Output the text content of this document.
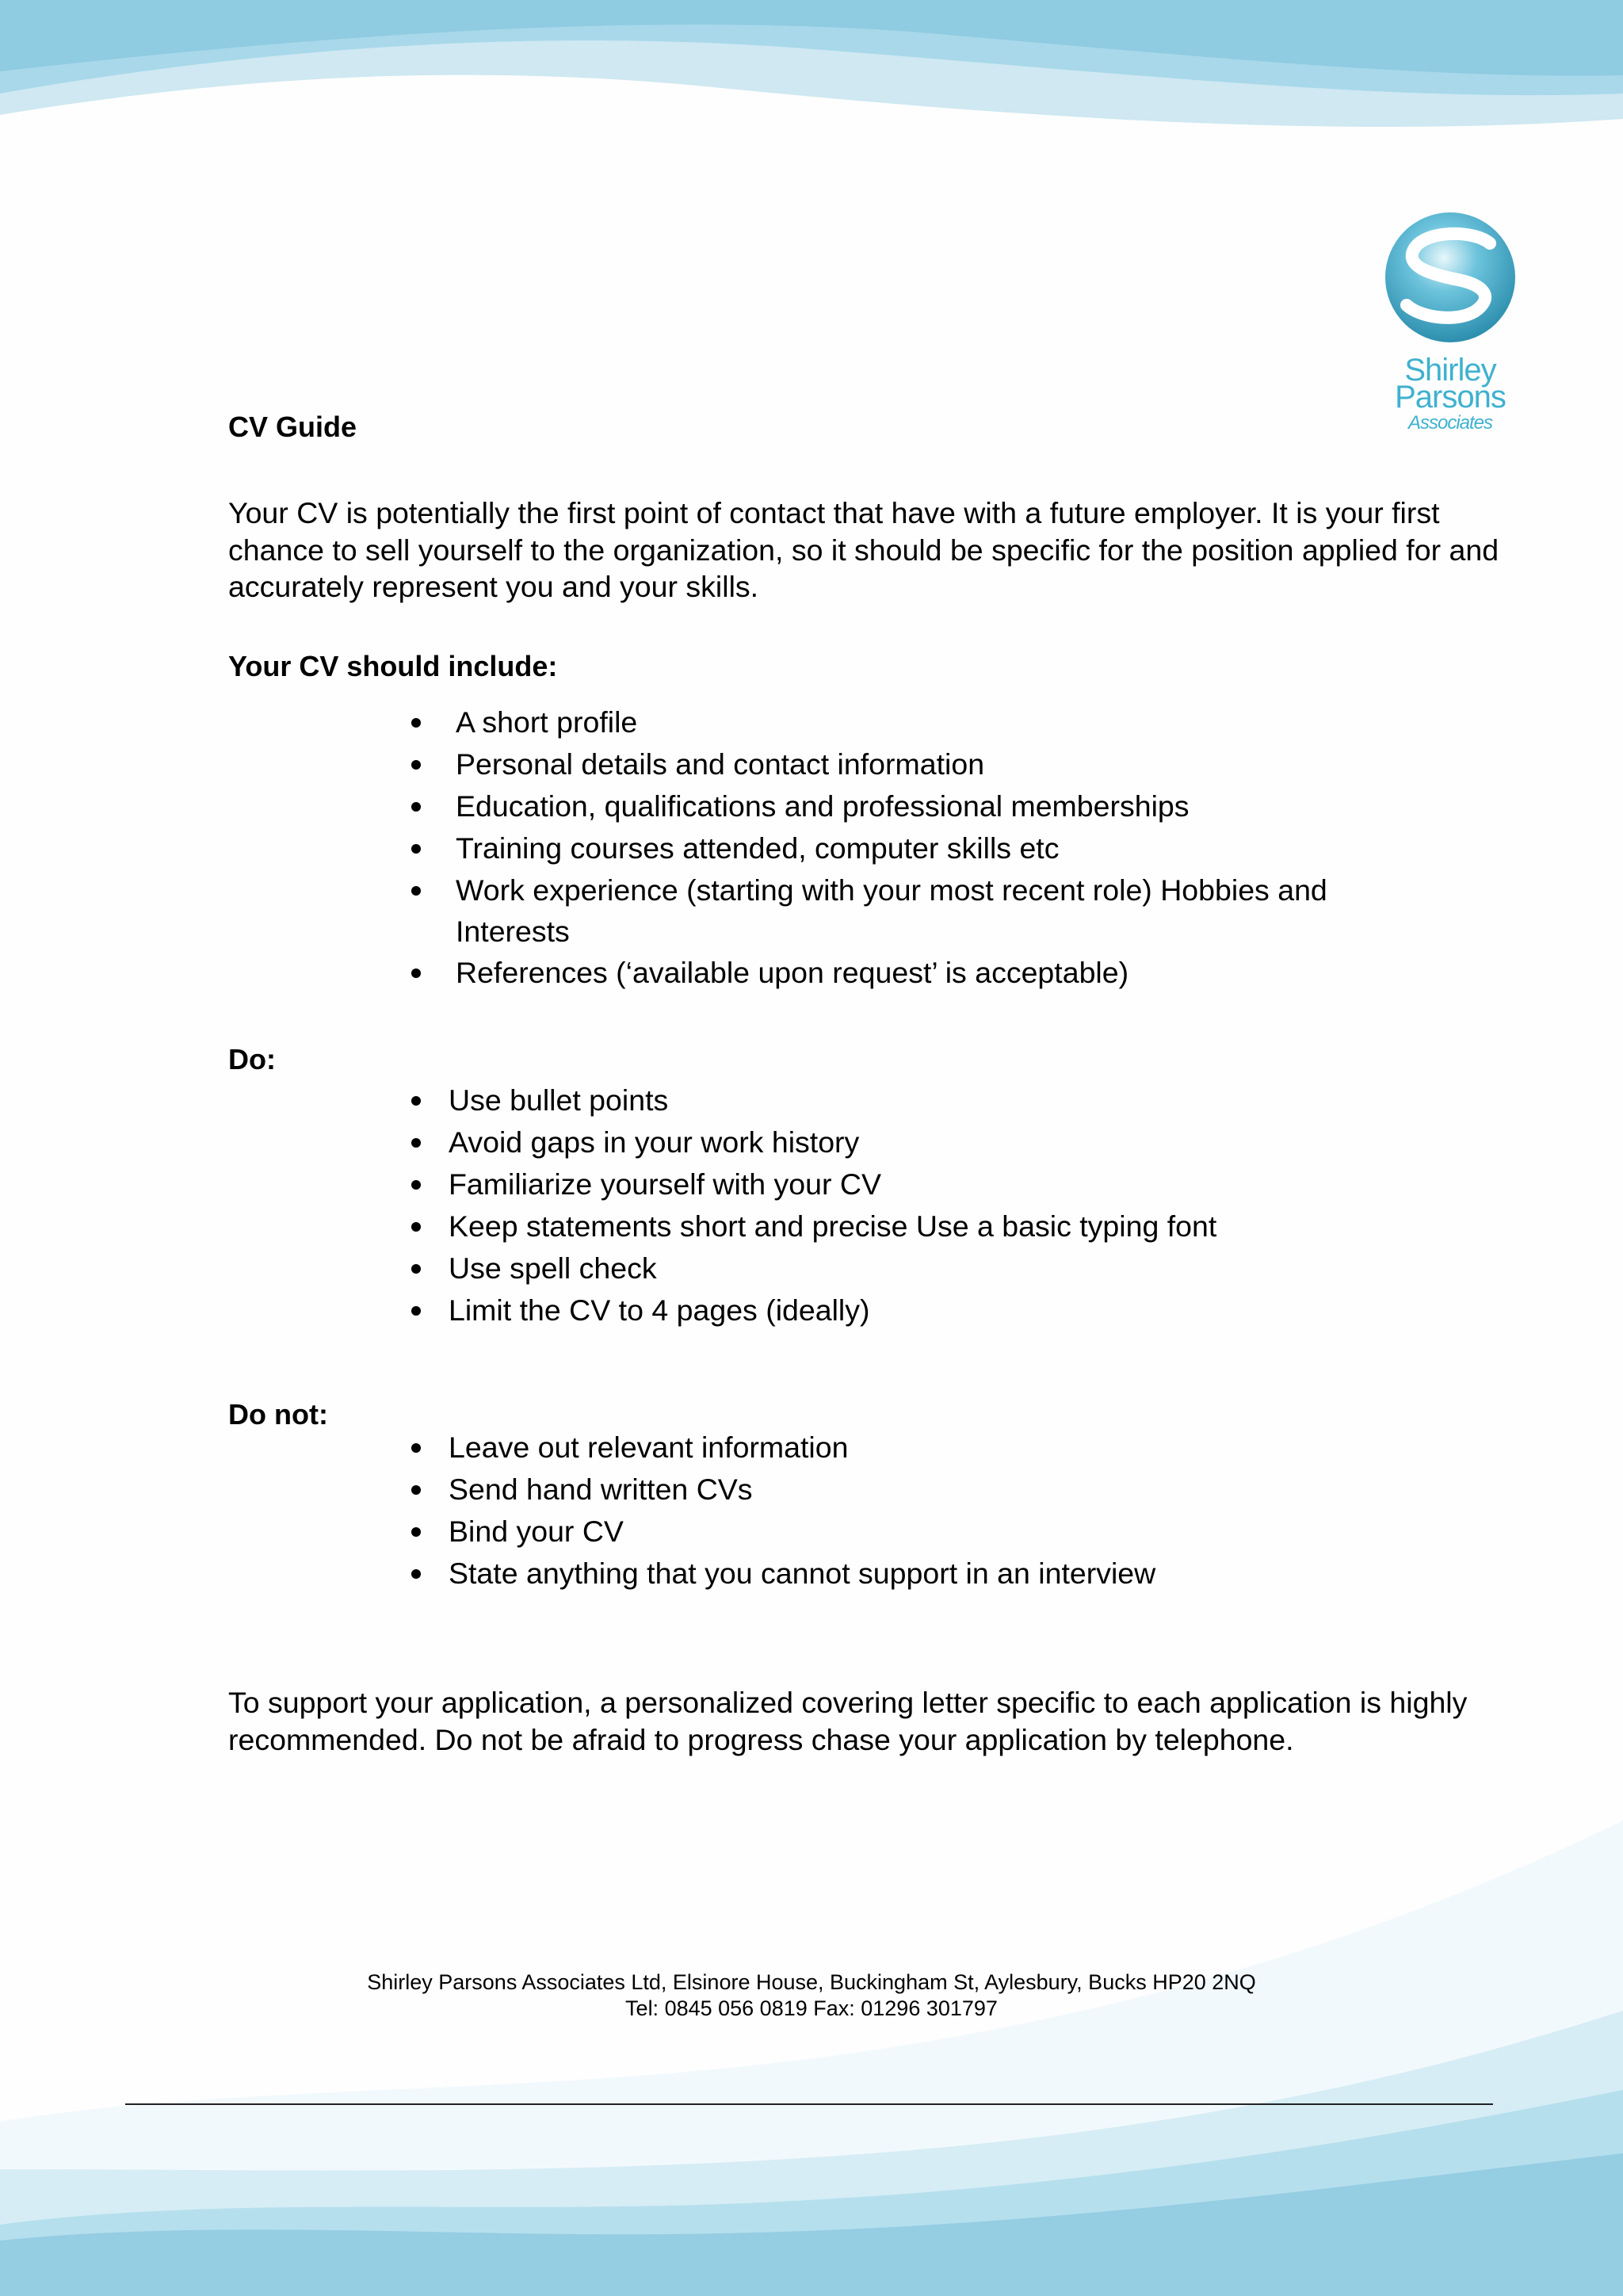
Shirley
Parsons
Associates
CV Guide

Your CV is potentially the first point of contact that have with a future employer. It is your first chance to sell yourself to the organization, so it should be specific for the position applied for and accurately represent you and your skills.

Your CV should include:
A short profile
Personal details and contact information
Education, qualifications and professional memberships
Training courses attended, computer skills etc
Work experience (starting with your most recent role) Hobbies and Interests
References (‘available upon request’ is acceptable)
Do:
Use bullet points
Avoid gaps in your work history
Familiarize yourself with your CV
Keep statements short and precise Use a basic typing font
Use spell check
Limit the CV to 4 pages (ideally)
Do not:
Leave out relevant information
Send hand written CVs
Bind your CV
State anything that you cannot support in an interview

To support your application, a personalized covering letter specific to each application is highly recommended. Do not be afraid to progress chase your application by telephone.

Shirley Parsons Associates Ltd, Elsinore House, Buckingham St, Aylesbury, Bucks HP20 2NQ
Tel: 0845 056 0819 Fax: 01296 301797
